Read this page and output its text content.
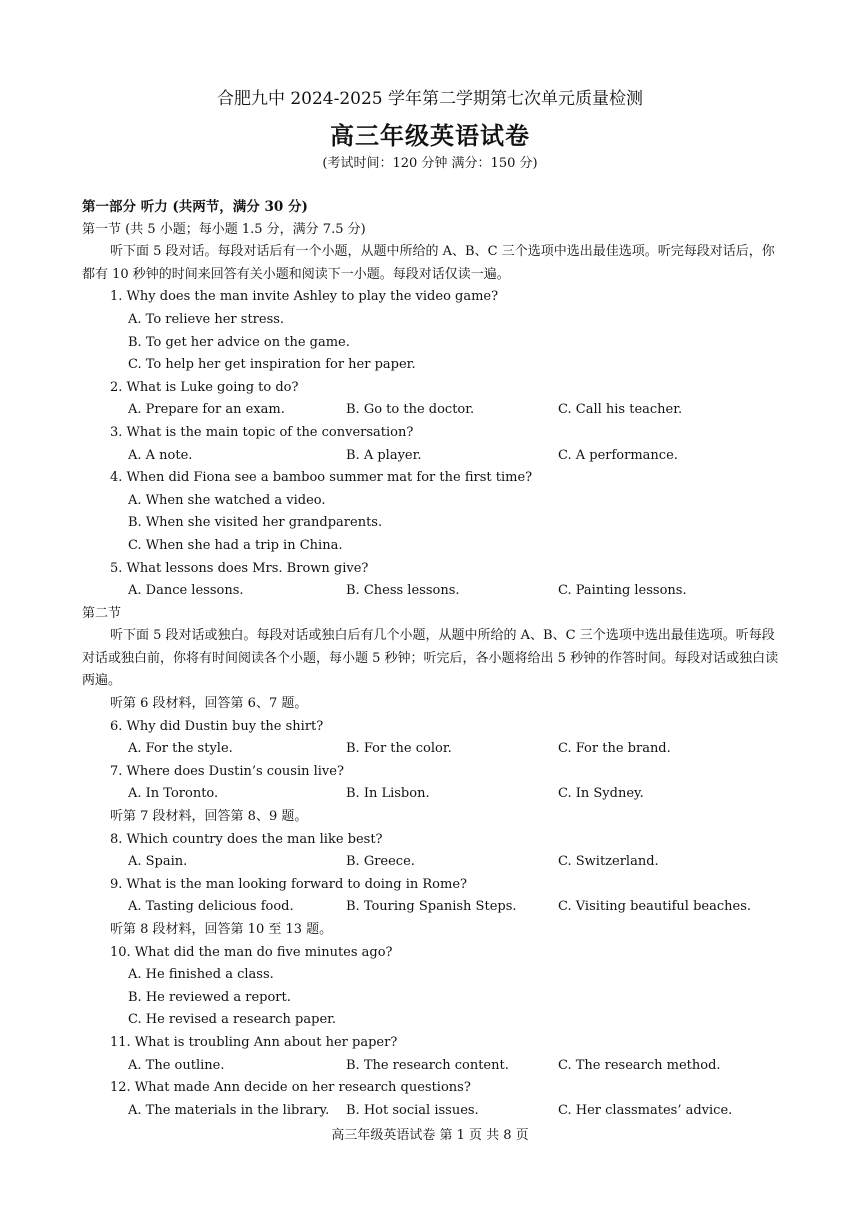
合肥九中 2024-2025 学年第二学期第七次单元质量检测
高三年级英语试卷
(考试时间：120 分钟 满分：150 分)
第一部分 听力 (共两节，满分 30 分)
第一节 (共 5 小题；每小题 1.5 分，满分 7.5 分)
听下面 5 段对话。每段对话后有一个小题，从题中所给的 A、B、C 三个选项中选出最佳选项。听完每段对话后，你都有 10 秒钟的时间来回答有关小题和阅读下一小题。每段对话仅读一遍。
1. Why does the man invite Ashley to play the video game?
A. To relieve her stress.
B. To get her advice on the game.
C. To help her get inspiration for her paper.
2. What is Luke going to do?
A. Prepare for an exam.	B. Go to the doctor.	C. Call his teacher.
3. What is the main topic of the conversation?
A. A note.	B. A player.	C. A performance.
4. When did Fiona see a bamboo summer mat for the first time?
A. When she watched a video.
B. When she visited her grandparents.
C. When she had a trip in China.
5. What lessons does Mrs. Brown give?
A. Dance lessons.	B. Chess lessons.	C. Painting lessons.
第二节
听下面 5 段对话或独白。每段对话或独白后有几个小题，从题中所给的 A、B、C 三个选项中选出最佳选项。听每段对话或独白前，你将有时间阅读各个小题，每小题 5 秒钟；听完后，各小题将给出 5 秒钟的作答时间。每段对话或独白读两遍。
听第 6 段材料，回答第 6、7 题。
6. Why did Dustin buy the shirt?
A. For the style.	B. For the color.	C. For the brand.
7. Where does Dustin’s cousin live?
A. In Toronto.	B. In Lisbon.	C. In Sydney.
听第 7 段材料，回答第 8、9 题。
8. Which country does the man like best?
A. Spain.	B. Greece.	C. Switzerland.
9. What is the man looking forward to doing in Rome?
A. Tasting delicious food.	B. Touring Spanish Steps.	C. Visiting beautiful beaches.
听第 8 段材料，回答第 10 至 13 题。
10. What did the man do five minutes ago?
A. He finished a class.
B. He reviewed a report.
C. He revised a research paper.
11. What is troubling Ann about her paper?
A. The outline.	B. The research content.	C. The research method.
12. What made Ann decide on her research questions?
A. The materials in the library. B. Hot social issues.	C. Her classmates’ advice.
高三年级英语试卷 第 1 页 共 8 页
